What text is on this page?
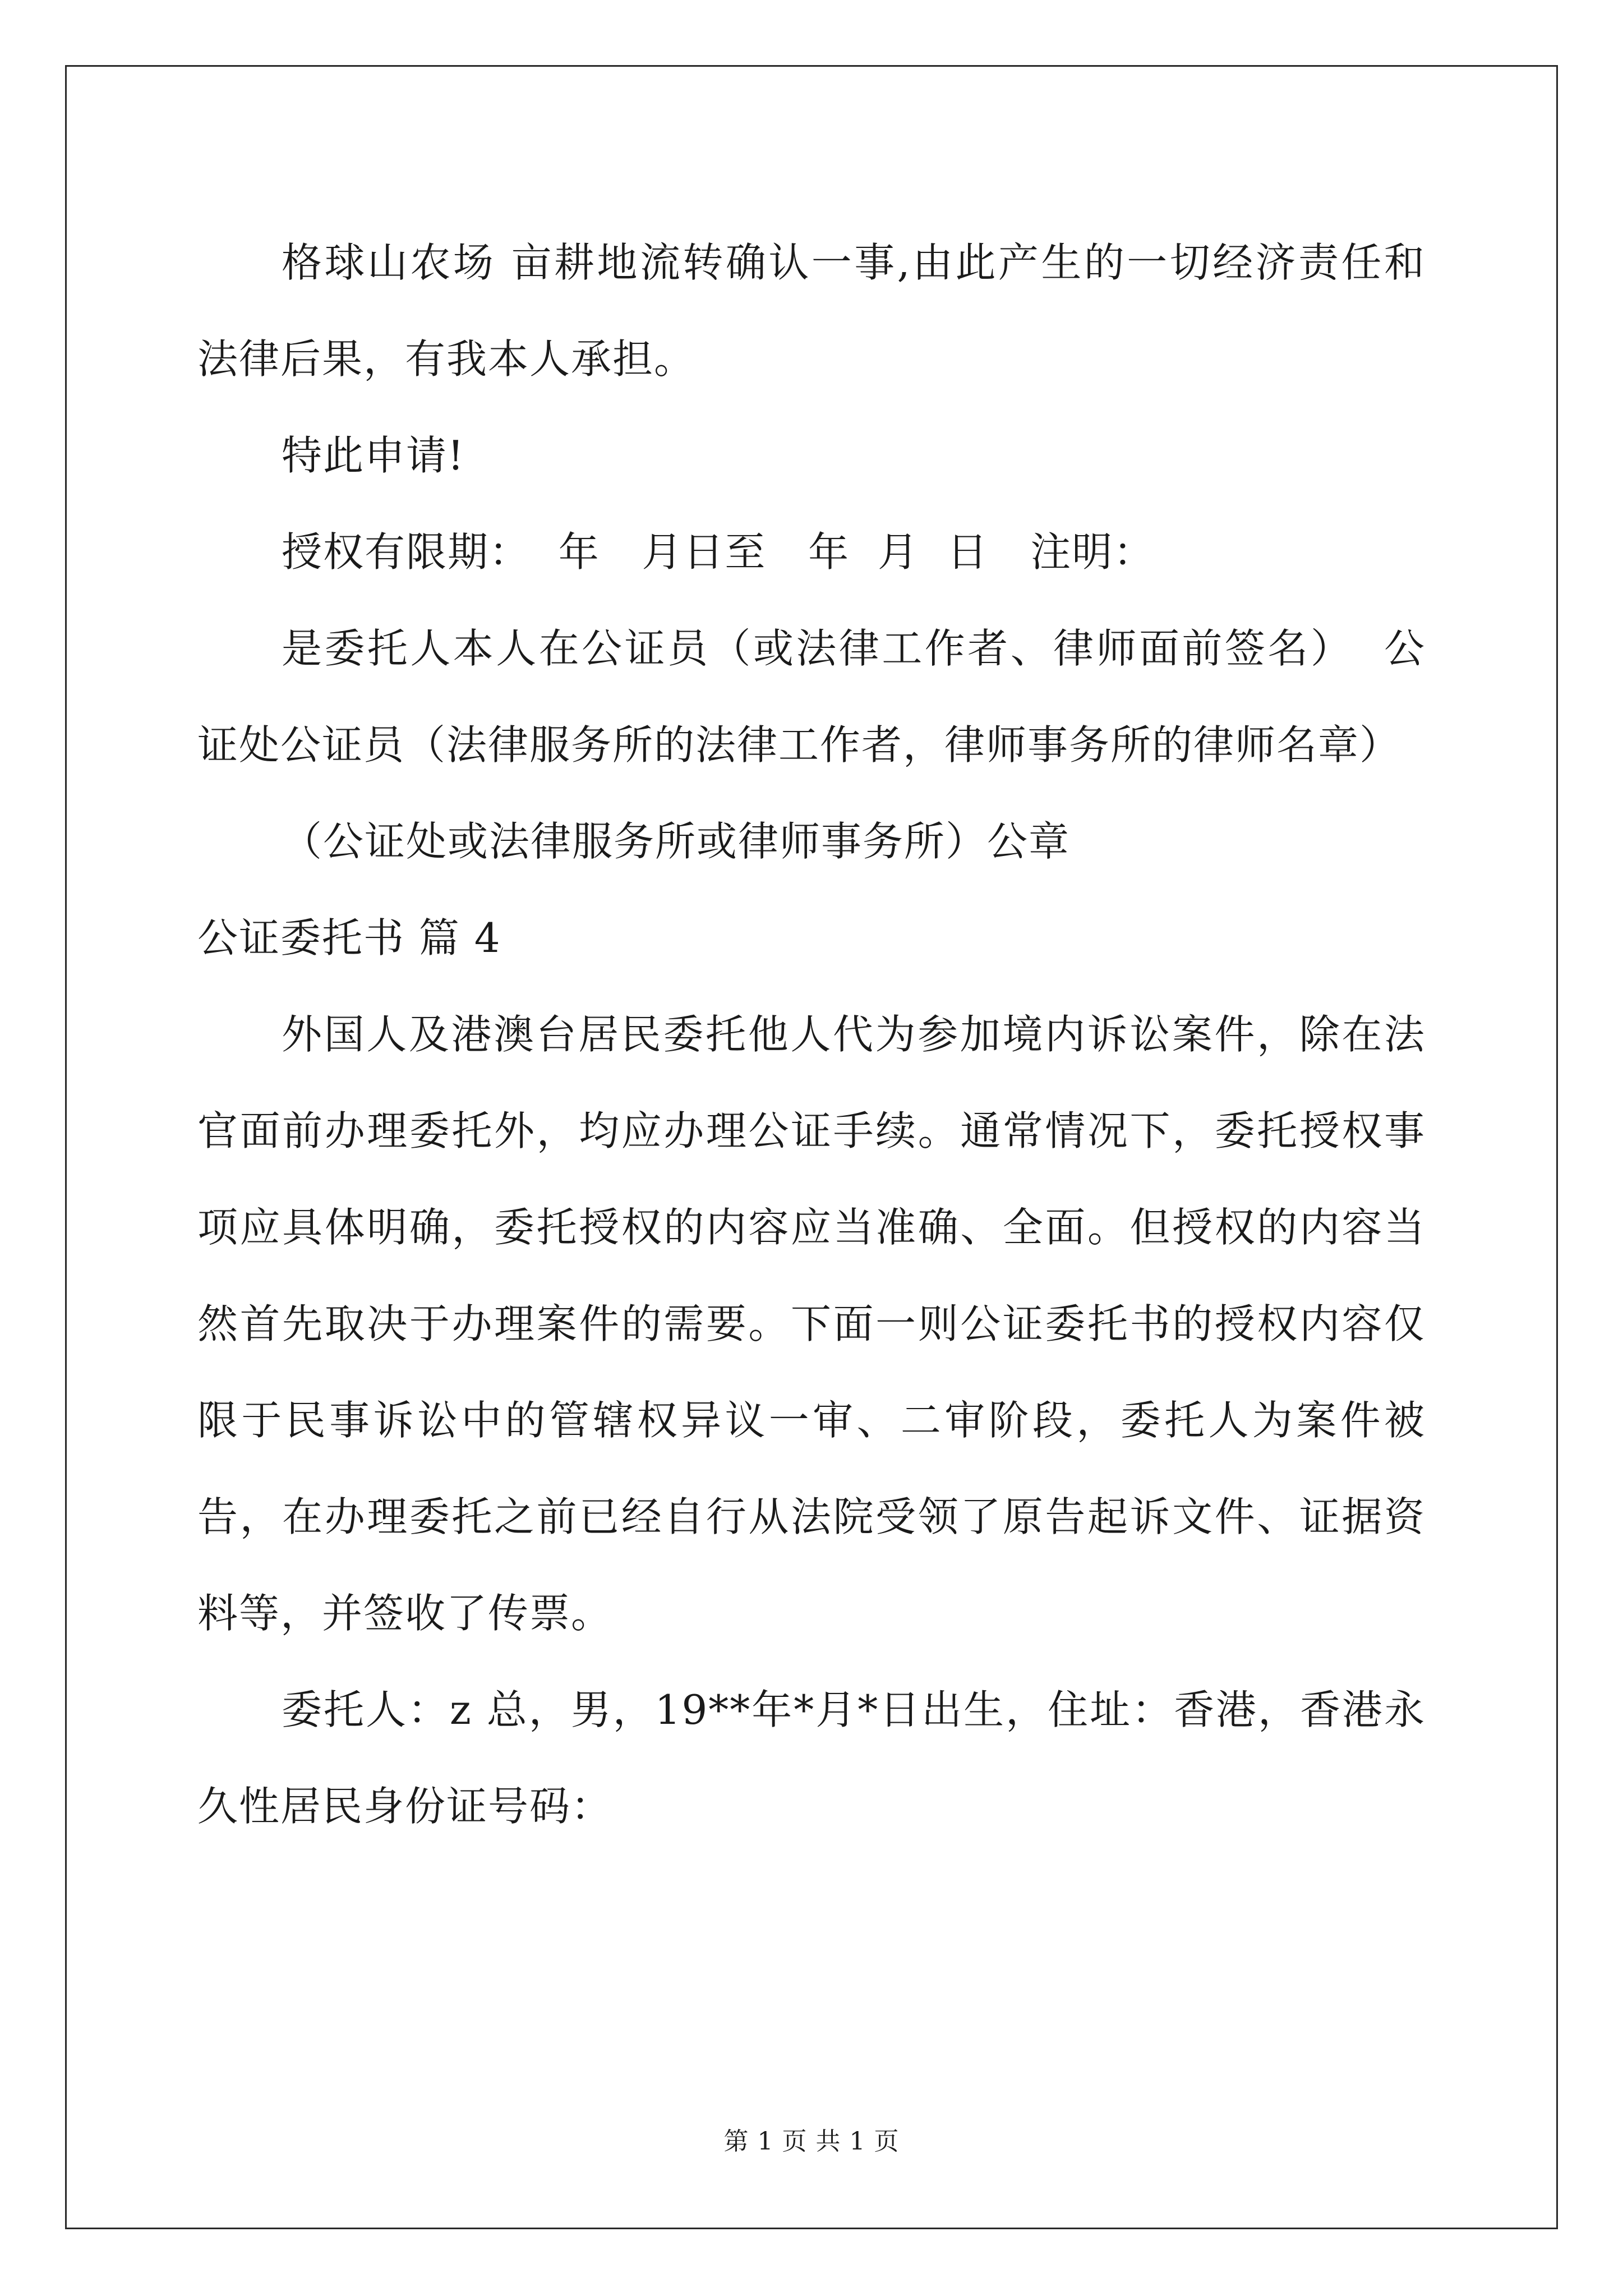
格球山农场 亩耕地流转确认一事,由此产生的一切经济责任和法律后果，有我本人承担。

特此申请!

授权有限期：  年   月日至   年  月  日   注明：

是委托人本人在公证员（或法律工作者、律师面前签名）  公证处公证员（法律服务所的法律工作者，律师事务所的律师名章）

（公证处或法律服务所或律师事务所）公章

公证委托书 篇 4

外国人及港澳台居民委托他人代为参加境内诉讼案件，除在法官面前办理委托外，均应办理公证手续。通常情况下，委托授权事项应具体明确，委托授权的内容应当准确、全面。但授权的内容当然首先取决于办理案件的需要。下面一则公证委托书的授权内容仅限于民事诉讼中的管辖权异议一审、二审阶段，委托人为案件被告，在办理委托之前已经自行从法院受领了原告起诉文件、证据资料等，并签收了传票。

委托人：z 总，男，19**年*月*日出生，住址：香港，香港永久性居民身份证号码：

第 1 页 共 1 页
